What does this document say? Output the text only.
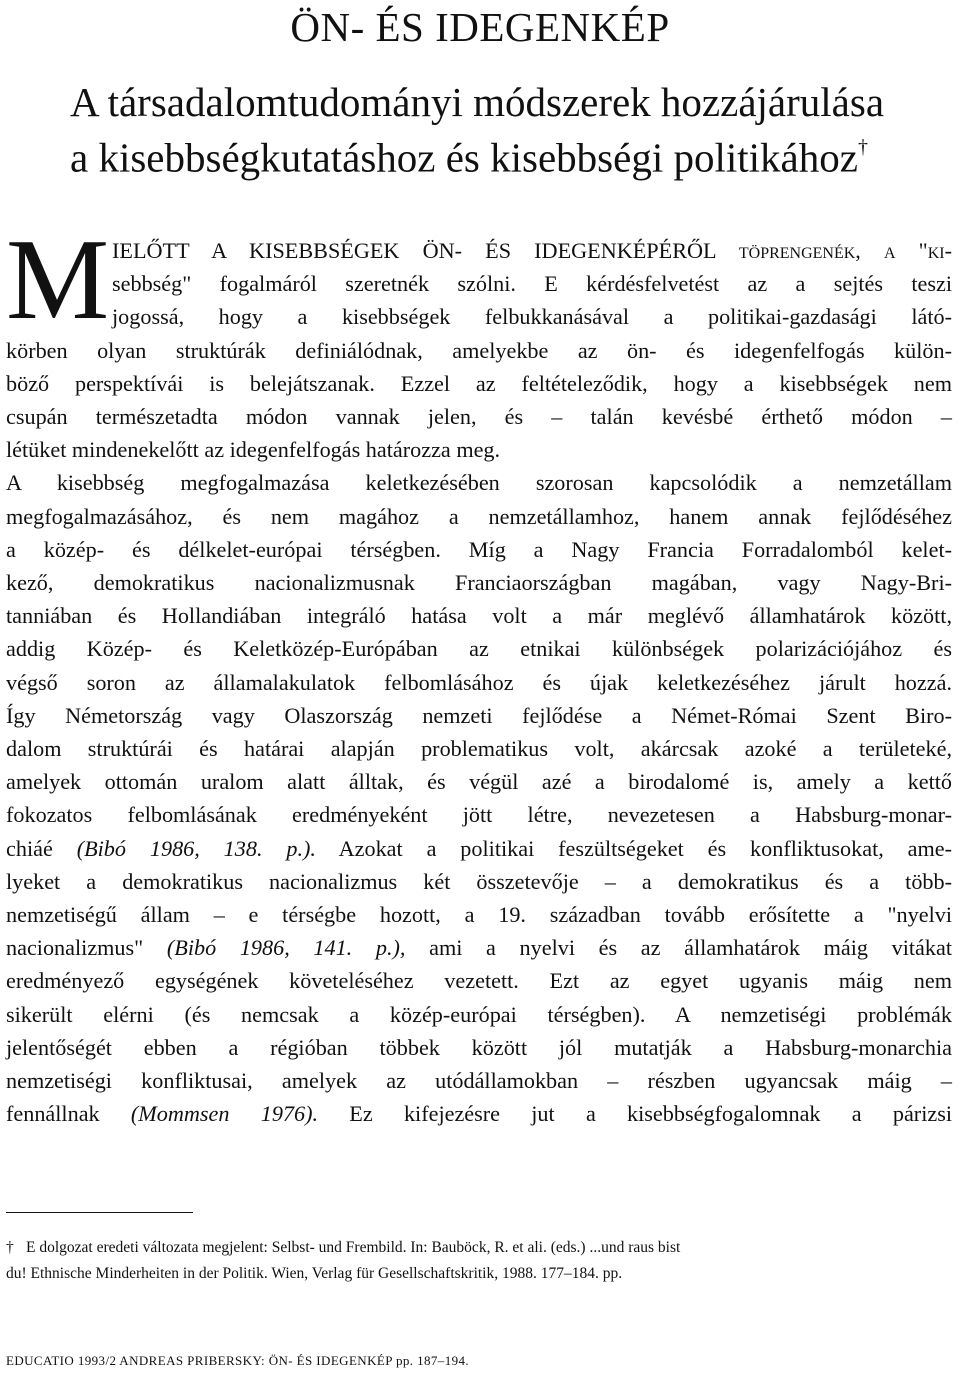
ÖN- ÉS IDEGENKÉP
A társadalomtudományi módszerek hozzájárulása
a kisebbségkutatáshoz és kisebbségi politikához†
M IELŐTT A KISEBBSÉGEK ÖN- ÉS IDEGENKÉPÉRŐL töprengenék, a "ki-
sebbség" fogalmáról szeretnék szólni. E kérdésfelvetést az a sejtés teszi
jogossá, hogy a kisebbségek felbukkanásával a politikai-gazdasági látó-
körben olyan struktúrák definiálódnak, amelyekbe az ön- és idegenfelfogás külön-
böző perspektívái is belejátszanak. Ezzel az feltételeződik, hogy a kisebbségek nem
csupán természetadta módon vannak jelen, és – talán kevésbé érthető módon –
létüket mindenekelőtt az idegenfelfogás határozza meg.
A kisebbség megfogalmazása keletkezésében szorosan kapcsolódik a nemzetállam
megfogalmazásához, és nem magához a nemzetállamhoz, hanem annak fejlődéséhez
a közép- és délkelet-európai térségben. Míg a Nagy Francia Forradalomból kelet-
kező, demokratikus nacionalizmusnak Franciaországban magában, vagy Nagy-Bri-
tanniában és Hollandiában integráló hatása volt a már meglévő államhatárok között,
addig Közép- és Keletközép-Európában az etnikai különbségek polarizációjához és
végső soron az államalakulatok felbomlásához és újak keletkezéséhez járult hozzá.
Így Németország vagy Olaszország nemzeti fejlődése a Német-Római Szent Biro-
dalom struktúrái és határai alapján problematikus volt, akárcsak azoké a területeké,
amelyek ottomán uralom alatt álltak, és végül azé a birodalomé is, amely a kettő
fokozatos felbomlásának eredményeként jött létre, nevezetesen a Habsburg-monar-
chiáé (Bibó 1986, 138. p.). Azokat a politikai feszültségeket és konfliktusokat, ame-
lyeket a demokratikus nacionalizmus két összetevője – a demokratikus és a több-
nemzetiségű állam – e térségbe hozott, a 19. században tovább erősítette a "nyelvi
nacionalizmus" (Bibó 1986, 141. p.), ami a nyelvi és az államhatárok máig vitákat
eredményező egységének követeléséhez vezetett. Ezt az egyet ugyanis máig nem
sikerült elérni (és nemcsak a közép-európai térségben). A nemzetiségi problémák
jelentőségét ebben a régióban többek között jól mutatják a Habsburg-monarchia
nemzetiségi konfliktusai, amelyek az utódállamokban – részben ugyancsak máig –
fennállnak (Mommsen 1976). Ez kifejezésre jut a kisebbségfogalomnak a párizsi
† E dolgozat eredeti változata megjelent: Selbst- und Frembild. In: Bauböck, R. et ali. (eds.) ...und raus bist
du! Ethnische Minderheiten in der Politik. Wien, Verlag für Gesellschaftskritik, 1988. 177–184. pp.
EDUCATIO 1993/2 ANDREAS PRIBERSKY: ÖN- ÉS IDEGENKÉP pp. 187–194.
